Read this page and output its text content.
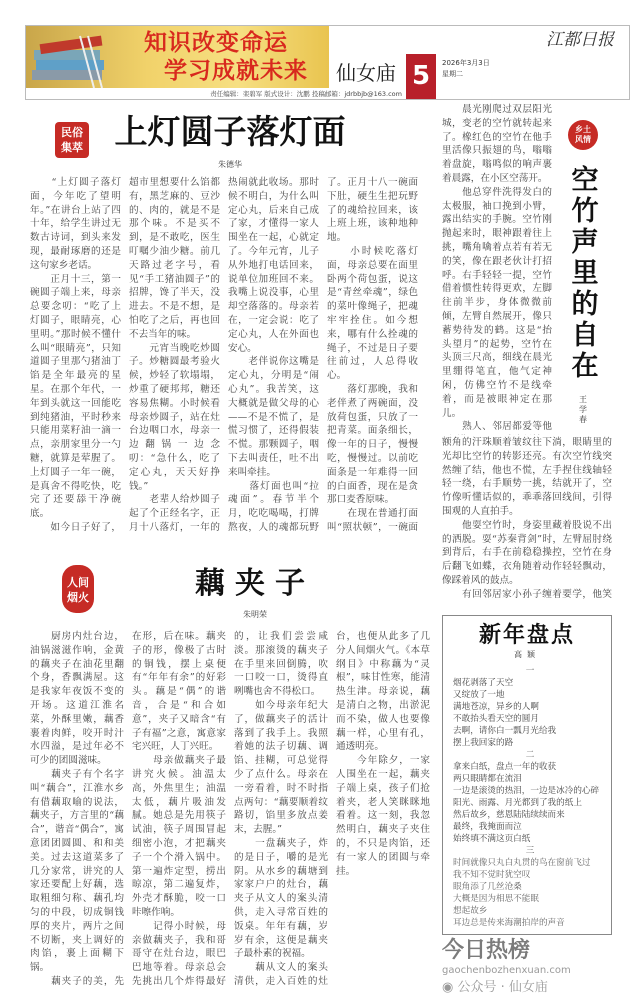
知识改变命运
学习成就未来
责任编辑：栾碧军 版式设计：沈鹏 投稿邮箱：jdrbbjb@163.com
仙女庙 5
江都日报
2026年3月3日
星期二
民俗集萃 上灯圆子落灯面
朱德华
　　“上灯圆子落灯面，今年吃了望明年。”在讲台上站了四十年，给学生讲过无数古诗词，到头来发现，最耐琢磨的还是这句家乡老话。
　　正月十三，第一碗圆子端上来，母亲总要念叨：“吃了上灯圆子，眼睛亮，心里明。”那时候不懂什么叫“眼睛亮”，只知道圆子里那勺猪油丁馅是全年最亮的星星。在那个年代，一年到头就这一回能吃到纯猪油，平时秒来只能用菜籽油一滴一点，亲朋家里分一勺糖，就算是荤腥了。上灯圆子一年一碗，是真舍不得吃快，吃完了还要舔干净碗底。
　　如今日子好了，超市里想要什么馅都有，黑芝麻的、豆沙的、肉的，就是不是那个味。不是买不到，是不敢吃，医生叮嘱少油少糖。前几天路过老字号，看见“手工猪油圆子”的招牌，馋了半天，没进去。不是不想，是怕吃了之后，再也回不去当年的味。
　　元宵当晚吃炒圆子。炒糖圆最考验火候，炒轻了软塌塌，炒重了硬邦邦，糖还容易焦糊。小时候看母亲炒圆子，站在灶台边咽口水，母亲一边翻锅一边念叨：“急什么，吃了定心丸，天天好挣钱。”
　　老辈人给炒圆子起了个正经名字，正月十八落灯，一年的热闹就此收场。那时候不明白，为什么叫定心丸，后来自己成了家，才懂得一家人围坐在一起，心就定了。今年元宵，儿子从外地打电话回来，说单位加班回不来。我嘴上说没事，心里却空落落的。母亲若在，一定会说：吃了定心丸，人在外面也安心。
　　老伴说你这嘴是定心丸，分明是“闹心丸”。我苦笑，这大概就是做父母的心——不是不慌了，是慌习惯了，还得假装不慌。那颗圆子，咽下去叫责任，吐不出来叫牵挂。
　　落灯面也叫“拉魂面”。春节半个月，吃吃喝喝，打牌熬夜，人的魂都玩野了。正月十八一碗面下肚，硬生生把玩野了的魂给拉回来，该上班上班，该种地种地。
　　小时候吃落灯面，母亲总要在面里卧两个荷包蛋，说这是“青丝牵魂”，绿色的菜叶像绳子，把魂牢牢拴住。如今想来，哪有什么拴魂的绳子，不过是日子要往前过，人总得收心。
　　落灯那晚，我和老伴煮了两碗面，没放荷包蛋，只放了一把青菜。面条细长，像一年的日子，慢慢吃，慢慢过。以前吃面条是一年难得一回的白面香，现在是贪那口麦香原味。
　　在现在普通打面叫“照状顿”，一碗面

人间烟火	藕夹子
朱明荣
　　厨房内灶台边，油锅滋滋作响，金黄的藕夹子在油花里翻个身，香飘满屋。这是我家年夜饭不变的开场。这道江淮名菜，外酥里嫩，藕香裹着肉鲜，咬开时汁水四溢，是过年必不可少的团圆滋味。
　　藕夹子有个名字叫“藕合”，江淮水乡有借藕取喻的说法，藕夹子，方言里的“藕合”，谐音“偶合”，寓意团团圆圆、和和美美。过去这道菜多了几分家常，讲究的人家还要配上好藕，选取粗细匀称、藕孔均匀的中段，切成铜钱厚的夹片，两片之间不切断，夹上调好的肉馅，裹上面糊下锅。
　　藕夹子的美，先在形，后在味。藕夹子的形，像极了古时的铜钱，摆上桌便有“年年有余”的好彩头。藕是“偶”的谐音，合是“和合如意”，夹子又暗含“有子有福”之意，寓意家宅兴旺，人丁兴旺。
　　母亲做藕夹子最讲究火候。油温太高，外焦里生；油温太低，藕片吸油发腻。她总是先用筷子试油，筷子周围冒起细密小泡，才把藕夹子一个个滑入锅中。第一遍炸定型，捞出晾凉，第二遍复炸，外壳才酥脆，咬一口咔嚓作响。
　　记得小时候，母亲做藕夹子，我和哥哥守在灶台边，眼巴巴地等着。母亲总会先挑出几个炸得最好的，让我们尝尝咸淡。那滚烫的藕夹子在手里来回倒腾，吹一口咬一口，烫得直咧嘴也舍不得松口。
　　如今母亲年纪大了，做藕夹子的活计落到了我手上。我照着她的法子切藕、调馅、挂糊，可总觉得少了点什么。母亲在一旁看着，时不时指点两句：“藕要顺着纹路切，馅里多放点姜末，去腥。”
　　一盘藕夹子，炸的是日子，嚼的是光阴。从水乡的藕塘到家家户户的灶台，藕夹子从文人的案头清供，走入寻常百姓的饭桌。年年有藕，岁岁有余，这便是藕夹子最朴素的祝福。
　　藕从文人的案头清供，走入百姓的灶台，也便从此多了几分人间烟火气。《本草纲目》中称藕为“灵根”，味甘性寒，能清热生津。母亲说，藕是清白之物，出淤泥而不染，做人也要像藕一样，心里有孔，通透明亮。
　　今年除夕，一家人围坐在一起，藕夹子端上桌，孩子们抢着夹，老人笑眯眯地看着。这一刻，我忽然明白，藕夹子夹住的，不只是肉馅，还有一家人的团圆与牵挂。
　　晨光刚爬过双层阳光城，变老的空竹就转起来了。橡红色的空竹在他手里活像只振翅的鸟，嗡嗡着盘旋，嗡鸣似的响声裹着晨露，在小区空荡开。
　　他总穿件洗得发白的太极服，袖口挽到小臂，露出结实的手腕。空竹刚抛起来时，眼神跟着往上挑，嘴角噙着点若有若无的笑，像在跟老伙计打招呼。右手轻轻一提，空竹借着惯性转得更欢，左脚往前半步，身体微微前倾，左臂自然展开，像只蓄势待发的鹤。这是“抬头望月”的起势，空竹在头顶三尺高，细线在晨光里绷得笔直，他气定神闲，仿佛空竹不是线牵着，而是被眼神定在那儿。
　　熟人、邻居都爱等他
乡土
风情
空竹声里的自在
王学春
额角的汗珠顺着皱纹往下淌，眼睛里的光却比空竹的转影还亮。有次空竹线突然缠了结，他也不慌，左手捏住线轴轻轻一绕，右手顺势一挑，结就开了，空竹像听懂话似的，乖乖落回线间，引得围观的人直拍手。
　　他耍空竹时，身姿里藏着股说不出的洒脱。耍“苏秦背剑”时，左臂屈肘绕到背后，右手在前稳稳操控，空竹在身后翻飞如蝶，衣角随着动作轻轻飘动，像踩着风的鼓点。
　　有回邻居家小孙子缠着要学，他笑

新年盘点
高颖
一
烟花剥落了天空
又绽放了一地
满地苍凉，异乡的人啊
不敢抬头看天空的圆月
去啊，请你白一瓢月光给我
摆上我回家的路
二
拿来白纸，盘点一年的收获
两只眼睛都在流泪
一边是滚烫的热泪，一边是冰冷的心碎
阳光、雨露、月光都到了我的纸上
然后故乡，慈恩陆陆续续而来
最终，我掩面而泣
始终填不满这页白纸
三
时间就像只丸白丸贯的鸟在窗前飞过
我不知不觉时犹空叹
眼角添了几丝沧桑
大概是因为相思不能眠
想起故乡
耳边总是传来海潮拍岸的声音
今日热榜
gaochenbozhenxuan.com
◉ 公众号 · 仙女庙
